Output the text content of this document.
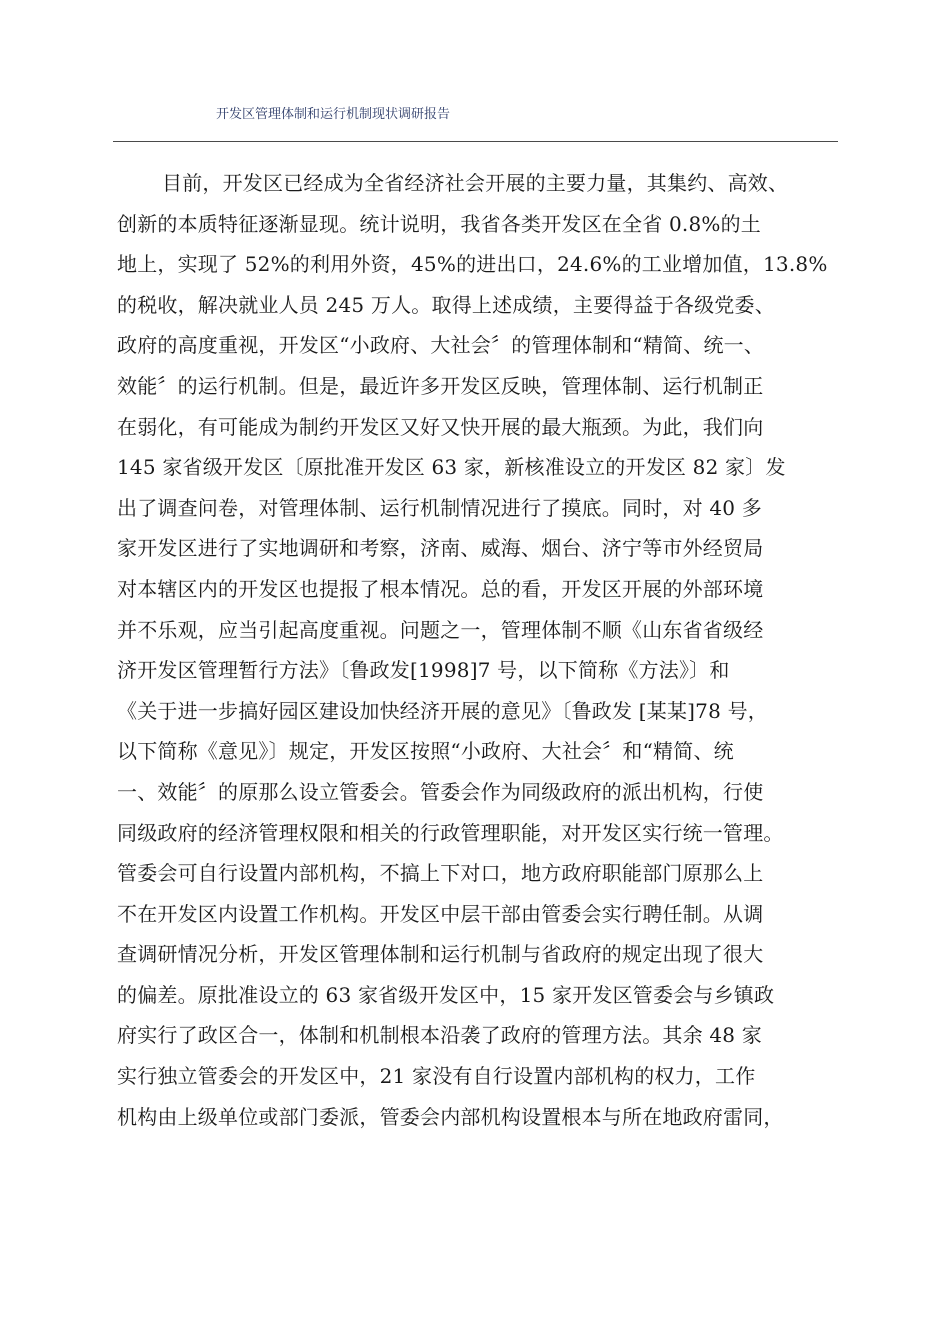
开发区管理体制和运行机制现状调研报告
目前，开发区已经成为全省经济社会开展的主要力量，其集约、高效、
创新的本质特征逐渐显现。统计说明，我省各类开发区在全省 0.8%的土
地上，实现了 52%的利用外资，45%的进出口，24.6%的工业增加值，13.8%
的税收，解决就业人员 245 万人。取得上述成绩，主要得益于各级党委、
政府的高度重视，开发区“小政府、大社会〞的管理体制和“精简、统一、
效能〞的运行机制。但是，最近许多开发区反映，管理体制、运行机制正
在弱化，有可能成为制约开发区又好又快开展的最大瓶颈。为此，我们向
145 家省级开发区〔原批准开发区 63 家，新核准设立的开发区 82 家〕发
出了调查问卷，对管理体制、运行机制情况进行了摸底。同时，对 40 多
家开发区进行了实地调研和考察，济南、威海、烟台、济宁等市外经贸局
对本辖区内的开发区也提报了根本情况。总的看，开发区开展的外部环境
并不乐观，应当引起高度重视。问题之一，管理体制不顺《山东省省级经
济开发区管理暂行方法》〔鲁政发[1998]7 号，以下简称《方法》〕和
《关于进一步搞好园区建设加快经济开展的意见》〔鲁政发 [某某]78 号，
以下简称《意见》〕规定，开发区按照“小政府、大社会〞和“精简、统
一、效能〞的原那么设立管委会。管委会作为同级政府的派出机构，行使
同级政府的经济管理权限和相关的行政管理职能，对开发区实行统一管理。
管委会可自行设置内部机构，不搞上下对口，地方政府职能部门原那么上
不在开发区内设置工作机构。开发区中层干部由管委会实行聘任制。从调
查调研情况分析，开发区管理体制和运行机制与省政府的规定出现了很大
的偏差。原批准设立的 63 家省级开发区中，15 家开发区管委会与乡镇政
府实行了政区合一，体制和机制根本沿袭了政府的管理方法。其余 48 家
实行独立管委会的开发区中，21 家没有自行设置内部机构的权力，工作
机构由上级单位或部门委派，管委会内部机构设置根本与所在地政府雷同，
